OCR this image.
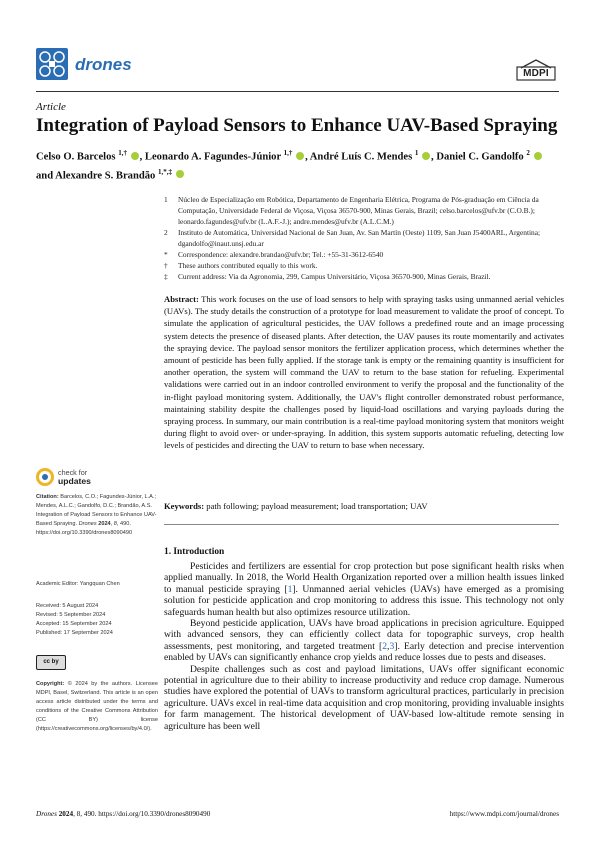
drones	MDPI
Article
Integration of Payload Sensors to Enhance UAV-Based Spraying
Celso O. Barcelos $^{1,\dagger}$ , Leonardo A. Fagundes-Júnior $^{1,\dagger}$ , André Luís C. Mendes $^1$ , Daniel C. Gandolfo $^2$
and Alexandre S. Brandão $^{1,*,\ddagger}$
1 Núcleo de Especialização em Robótica, Departamento de Engenharia Elétrica, Programa de Pós-graduação em Ciência da Computação, Universidade Federal de Viçosa, Viçosa 36570-900, Minas Gerais, Brazil; celso.barcelos@ufv.br (C.O.B.); leonardo.fagundes@ufv.br (L.A.F.-J.); andre.mendes@ufv.br (A.L.C.M.)
2 Instituto de Automática, Universidad Nacional de San Juan, Av. San Martín (Oeste) 1109, San Juan J5400ARL, Argentina; dgandolfo@inaut.unsj.edu.ar
* Correspondence: alexandre.brandao@ufv.br; Tel.: +55-31-3612-6540
† These authors contributed equally to this work.
‡ Current address: Via da Agronomia, 299, Campus Universitário, Viçosa 36570-900, Minas Gerais, Brazil.
Abstract: This work focuses on the use of load sensors to help with spraying tasks using unmanned aerial vehicles (UAVs). The study details the construction of a prototype for load measurement to validate the proof of concept. To simulate the application of agricultural pesticides, the UAV follows a predefined route and an image processing system detects the presence of diseased plants. After detection, the UAV pauses its route momentarily and activates the spraying device. The payload sensor monitors the fertilizer application process, which determines whether the amount of pesticide has been fully applied. If the storage tank is empty or the remaining quantity is insufficient for another operation, the system will command the UAV to return to the base station for refueling. Experimental validations were carried out in an indoor controlled environment to verify the proposal and the functionality of the in-flight payload monitoring system. Additionally, the UAV's flight controller demonstrated robust performance, maintaining stability despite the challenges posed by liquid-load oscillations and varying payloads during the spraying process. In summary, our main contribution is a real-time payload monitoring system that monitors weight during flight to avoid over- or under-spraying. In addition, this system supports automatic refueling, detecting low levels of pesticides and directing the UAV to return to base when necessary.
Keywords: path following; payload measurement; load transportation; UAV
check for
updates
Citation: Barcelos, C.O.; Fagundes-Júnior, L.A.; Mendes, A.L.C.; Gandolfo, D.C.; Brandão, A.S. Integration of Payload Sensors to Enhance UAV-Based Spraying. Drones 2024, 8, 490. https://doi.org/10.3390/drones8090490
Academic Editor: Yangquan Chen
Received: 5 August 2024
Revised: 5 September 2024
Accepted: 15 September 2024
Published: 17 September 2024
cc by
Copyright: © 2024 by the authors. Licensee MDPI, Basel, Switzerland. This article is an open access article distributed under the terms and conditions of the Creative Commons Attribution (CC BY) license (https://creativecommons.org/licenses/by/4.0/).
1. Introduction

Pesticides and fertilizers are essential for crop protection but pose significant health risks when applied manually. In 2018, the World Health Organization reported over a million health issues linked to manual pesticide spraying [1]. Unmanned aerial vehicles (UAVs) have emerged as a promising solution for pesticide application and crop monitoring to address this issue. This technology not only safeguards human health but also optimizes resource utilization.

Beyond pesticide application, UAVs have broad applications in precision agriculture. Equipped with advanced sensors, they can efficiently collect data for topographic surveys, crop health assessments, pest monitoring, and targeted treatment [2,3]. Early detection and precise intervention enabled by UAVs can significantly enhance crop yields and reduce losses due to pests and diseases.

Despite challenges such as cost and payload limitations, UAVs offer significant economic potential in agriculture due to their ability to increase productivity and reduce crop damage. Numerous studies have explored the potential of UAVs to transform agricultural practices, particularly in precision agriculture. UAVs excel in real-time data acquisition and crop monitoring, providing invaluable insights for farm management. The historical development of UAV-based low-altitude remote sensing in agriculture has been well

Drones 2024, 8, 490. https://doi.org/10.3390/drones8090490	https://www.mdpi.com/journal/drones
